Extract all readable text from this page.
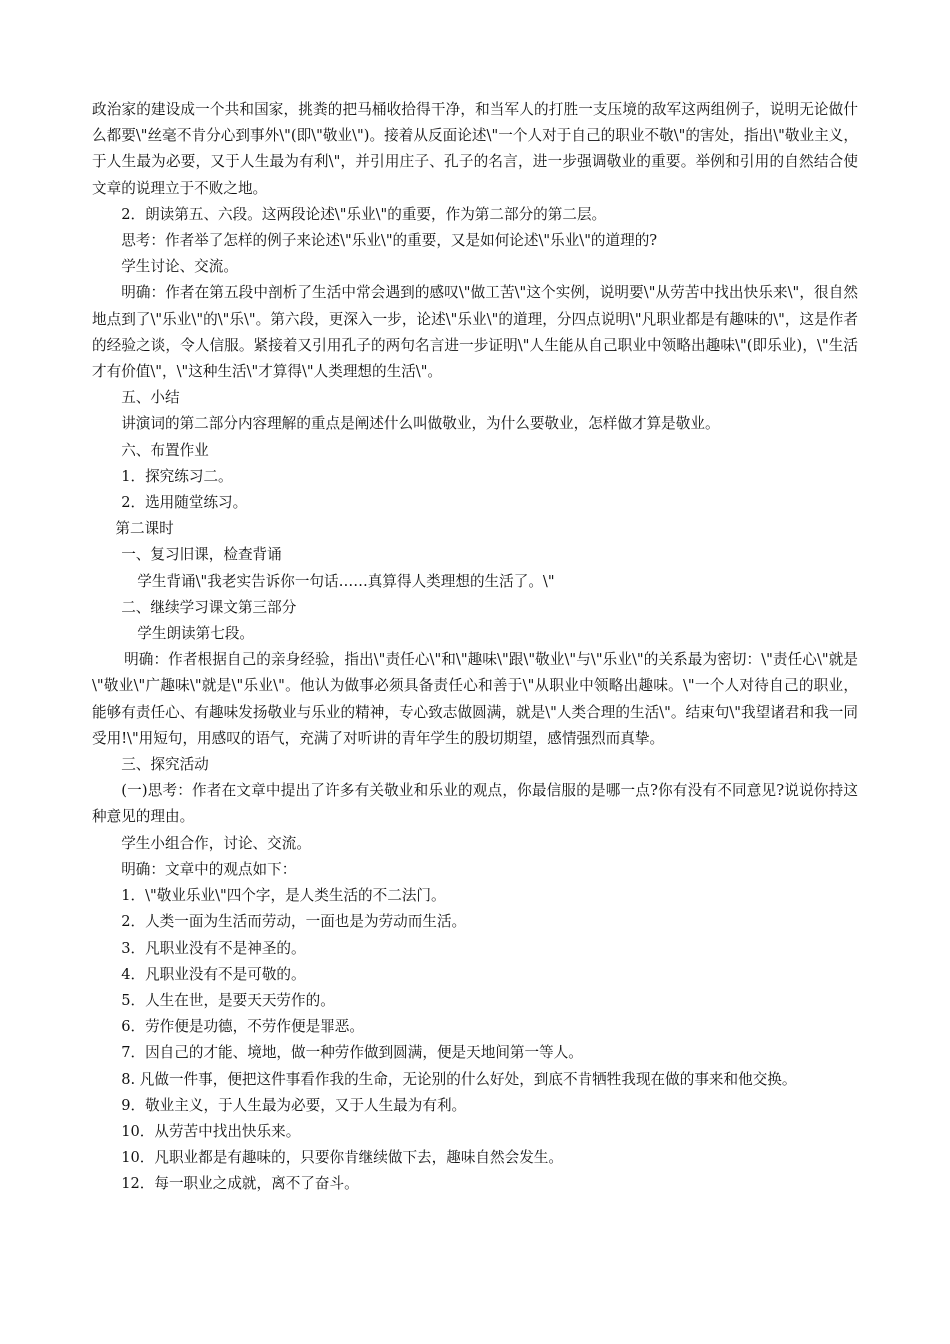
政治家的建设成一个共和国家，挑粪的把马桶收拾得干净，和当军人的打胜一支压境的敌军这两组例子，说明无论做什么都要\"丝毫不肯分心到事外\"(即\"敬业\")。接着从反面论述\"一个人对于自己的职业不敬\"的害处，指出\"敬业主义，于人生最为必要，又于人生最为有利\"，并引用庄子、孔子的名言，进一步强调敬业的重要。举例和引用的自然结合使文章的说理立于不败之地。

2．朗读第五、六段。这两段论述\"乐业\"的重要，作为第二部分的第二层。

思考：作者举了怎样的例子来论述\"乐业\"的重要，又是如何论述\"乐业\"的道理的?

学生讨论、交流。

明确：作者在第五段中剖析了生活中常会遇到的感叹\"做工苦\"这个实例，说明要\"从劳苦中找出快乐来\"，很自然地点到了\"乐业\"的\"乐\"。第六段，更深入一步，论述\"乐业\"的道理，分四点说明\"凡职业都是有趣味的\"，这是作者的经验之谈，令人信服。紧接着又引用孔子的两句名言进一步证明\"人生能从自己职业中领略出趣味\"(即乐业)，\"生活才有价值\"，\"这种生活\"才算得\"人类理想的生活\"。

五、小结

讲演词的第二部分内容理解的重点是阐述什么叫做敬业，为什么要敬业，怎样做才算是敬业。

六、布置作业

1．探究练习二。

2．选用随堂练习。

第二课时

一、复习旧课，检查背诵

学生背诵\"我老实告诉你一句话……真算得人类理想的生活了。\"

二、继续学习课文第三部分

学生朗读第七段。

明确：作者根据自己的亲身经验，指出\"责任心\"和\"趣味\"跟\"敬业\"与\"乐业\"的关系最为密切：\"责任心\"就是\"敬业\"广趣味\"就是\"乐业\"。他认为做事必须具备责任心和善于\"从职业中领略出趣味。\"一个人对待自己的职业，能够有责任心、有趣味发扬敬业与乐业的精神，专心致志做圆满，就是\"人类合理的生活\"。结束句\"我望诸君和我一同受用!\"用短句，用感叹的语气，充满了对听讲的青年学生的殷切期望，感情强烈而真挚。

三、探究活动

(一)思考：作者在文章中提出了许多有关敬业和乐业的观点，你最信服的是哪一点?你有没有不同意见?说说你持这种意见的理由。

学生小组合作，讨论、交流。

明确：文章中的观点如下：

1．\"敬业乐业\"四个字，是人类生活的不二法门。

2．人类一面为生活而劳动，一面也是为劳动而生活。

3．凡职业没有不是神圣的。

4．凡职业没有不是可敬的。

5．人生在世，是要天天劳作的。

6．劳作便是功德，不劳作便是罪恶。

7．因自己的才能、境地，做一种劳作做到圆满，便是天地间第一等人。

8. 凡做一件事，便把这件事看作我的生命，无论别的什么好处，到底不肯牺牲我现在做的事来和他交换。

9．敬业主义，于人生最为必要，又于人生最为有利。

10．从劳苦中找出快乐来。

10．凡职业都是有趣味的，只要你肯继续做下去，趣味自然会发生。

12．每一职业之成就，离不了奋斗。
